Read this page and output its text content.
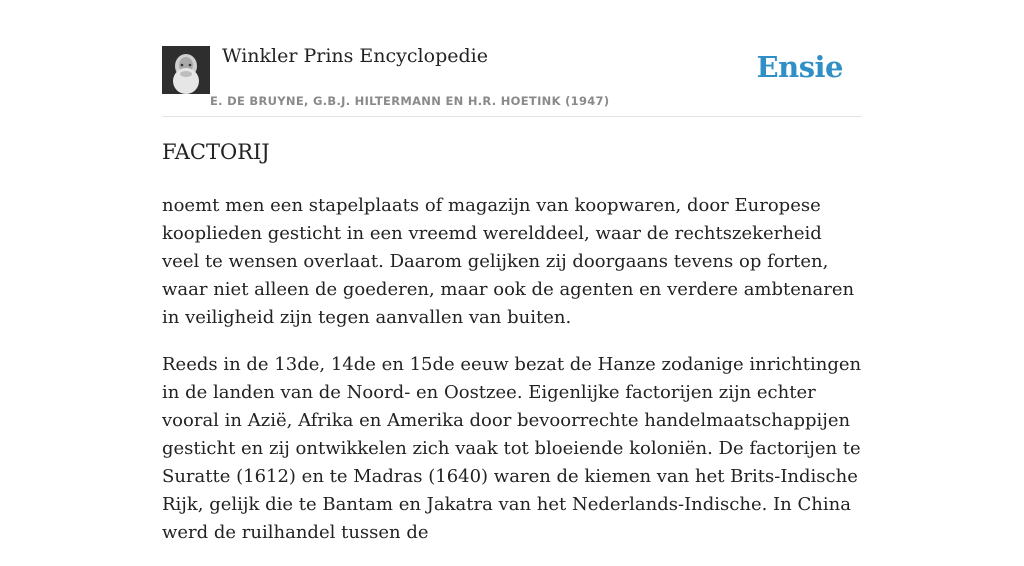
Winkler Prins Encyclopedie
E. DE BRUYNE, G.B.J. HILTERMANN EN H.R. HOETINK (1947)
Ensie
FACTORIJ

noemt men een stapelplaats of magazijn van koopwaren, door Europese kooplieden gesticht in een vreemd werelddeel, waar de rechtszekerheid veel te wensen overlaat. Daarom gelijken zij doorgaans tevens op forten, waar niet alleen de goederen, maar ook de agenten en verdere ambtenaren in veiligheid zijn tegen aanvallen van buiten.

Reeds in de 13de, 14de en 15de eeuw bezat de Hanze zodanige inrichtingen in de landen van de Noord- en Oostzee. Eigenlijke factorijen zijn echter vooral in Azië, Afrika en Amerika door bevoorrechte handelmaatschappijen gesticht en zij ontwikkelen zich vaak tot bloeiende koloniën. De factorijen te Suratte (1612) en te Madras (1640) waren de kiemen van het Brits-Indische Rijk, gelijk die te Bantam en Jakatra van het Nederlands-Indische. In China werd de ruilhandel tussen de
